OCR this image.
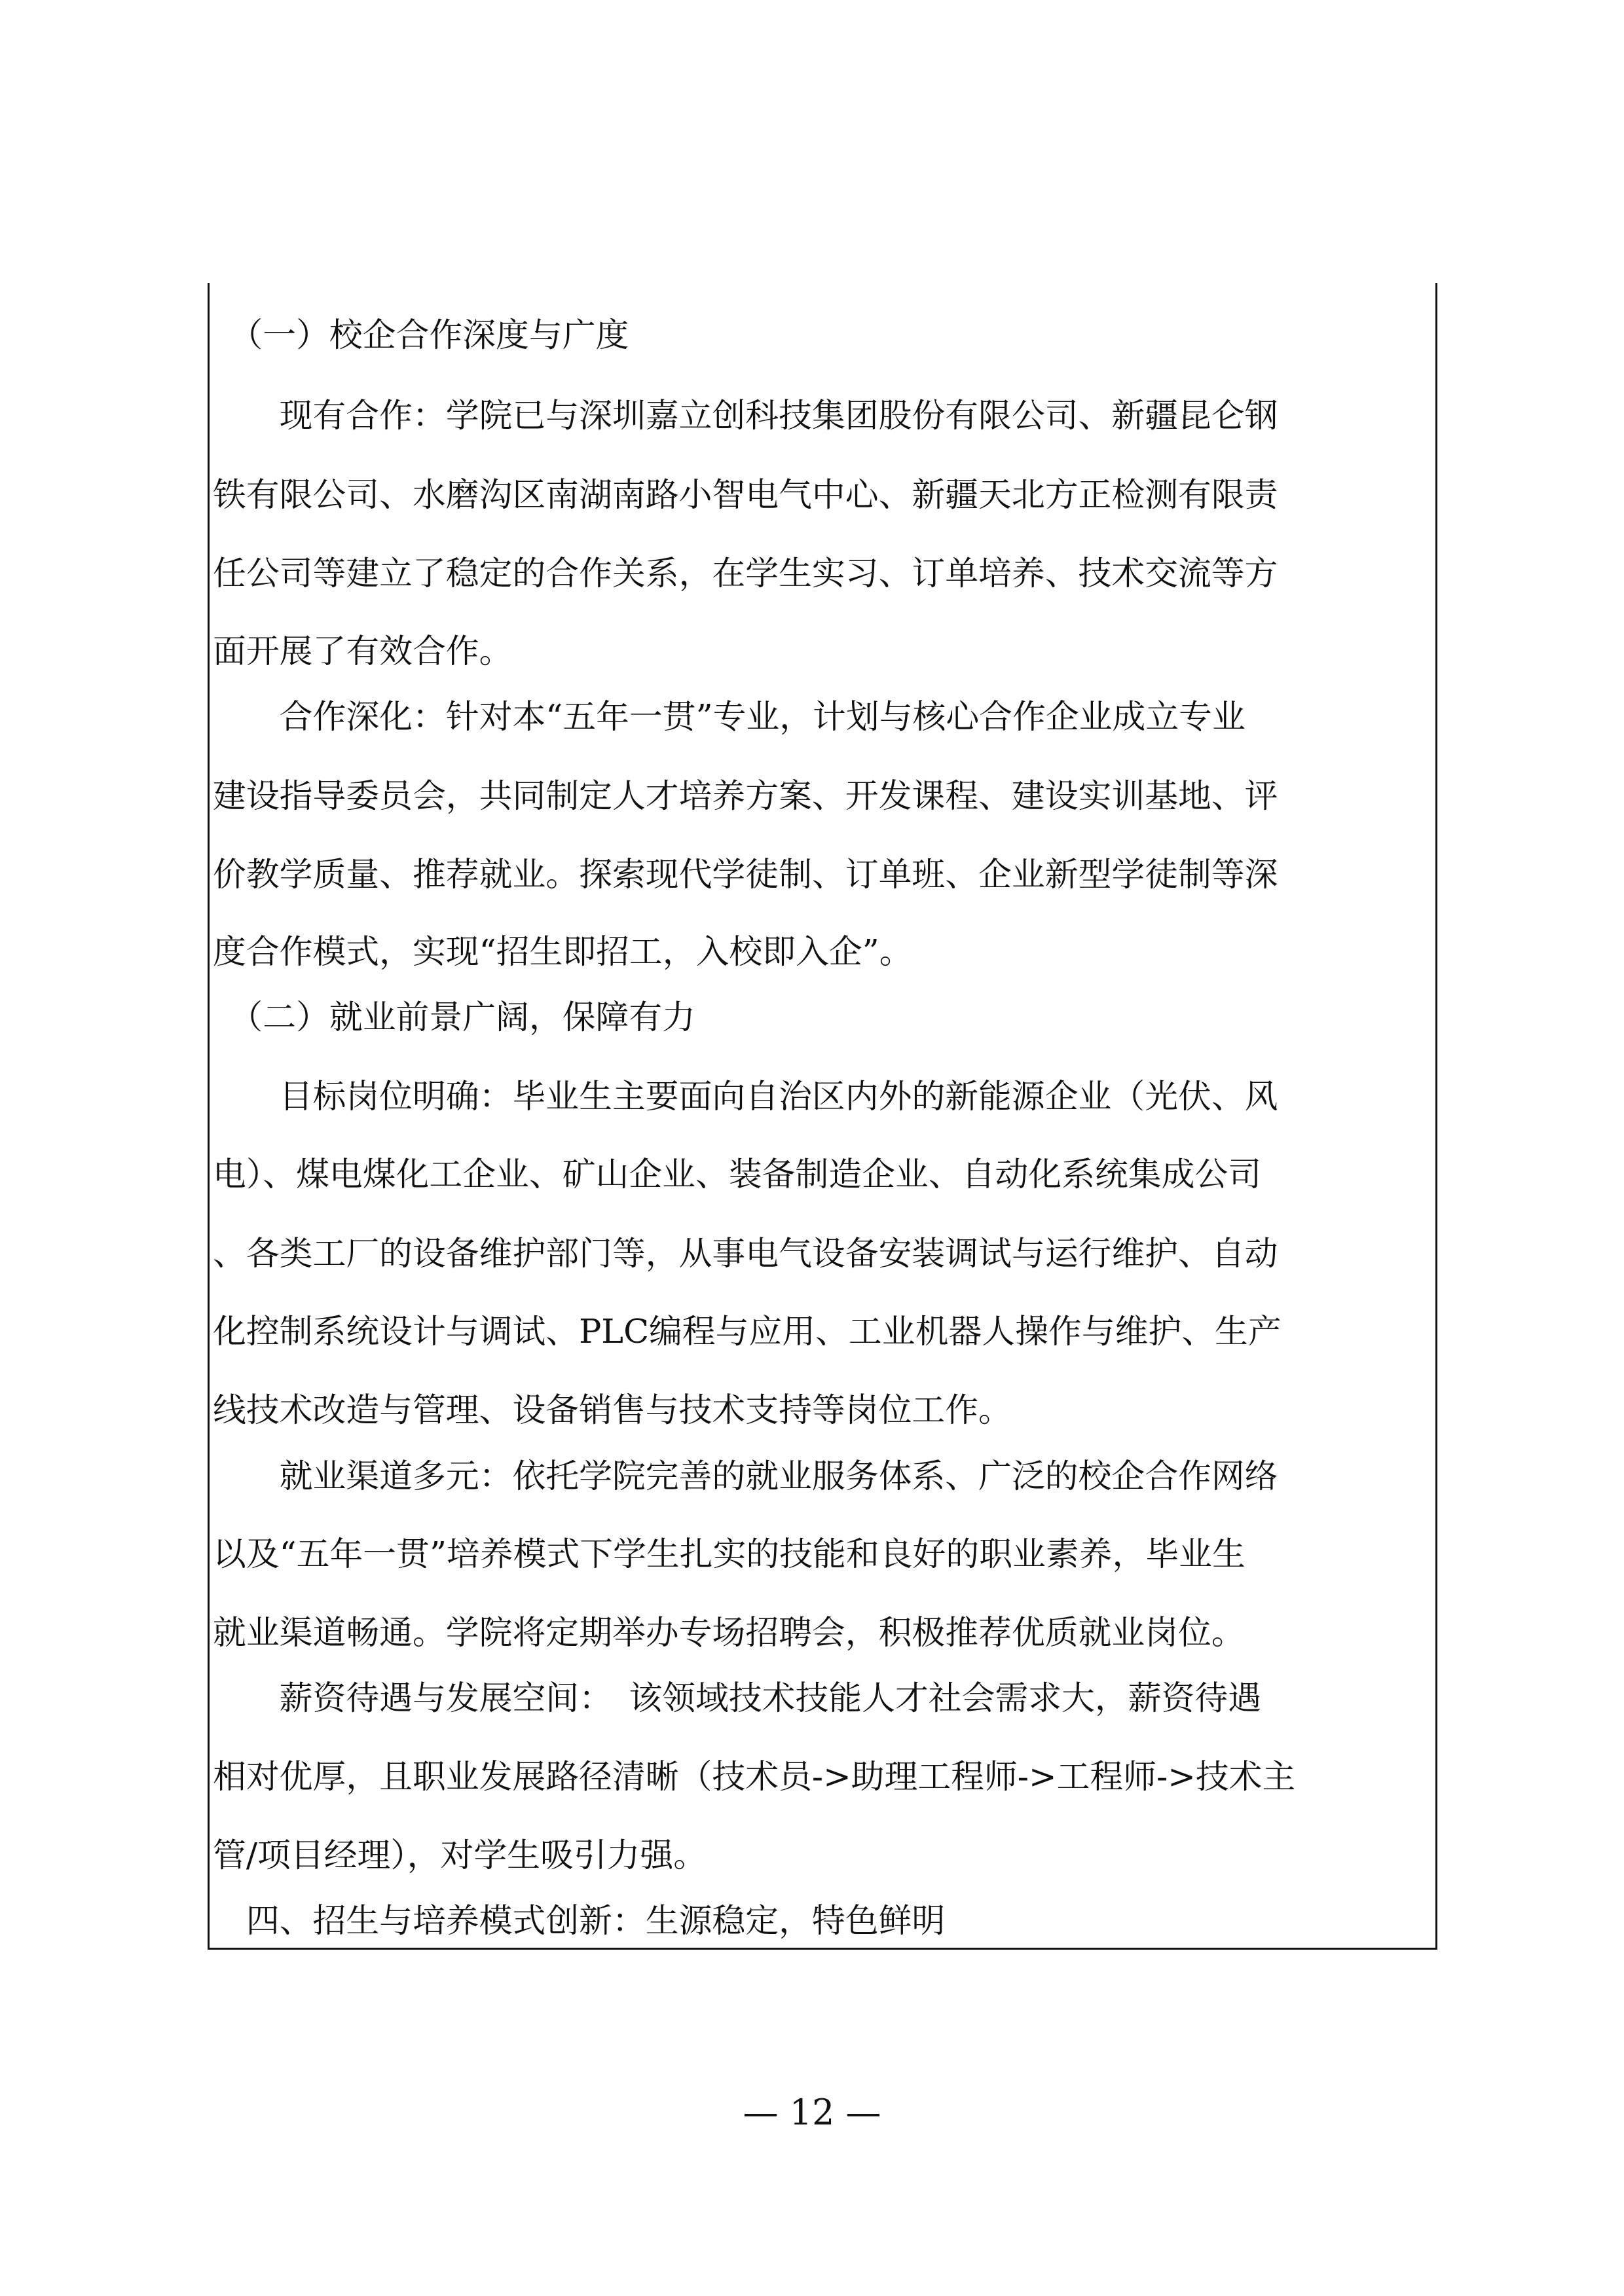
　（一）校企合作深度与广度

　　现有合作：学院已与深圳嘉立创科技集团股份有限公司、新疆昆仑钢

铁有限公司、水磨沟区南湖南路小智电气中心、新疆天北方正检测有限责

任公司等建立了稳定的合作关系，在学生实习、订单培养、技术交流等方

面开展了有效合作。

　　合作深化：针对本“五年一贯”专业，计划与核心合作企业成立专业

建设指导委员会，共同制定人才培养方案、开发课程、建设实训基地、评

价教学质量、推荐就业。探索现代学徒制、订单班、企业新型学徒制等深

度合作模式，实现“招生即招工，入校即入企”。

　（二）就业前景广阔，保障有力

　　目标岗位明确：毕业生主要面向自治区内外的新能源企业（光伏、风

电）、煤电煤化工企业、矿山企业、装备制造企业、自动化系统集成公司

、各类工厂的设备维护部门等，从事电气设备安装调试与运行维护、自动

化控制系统设计与调试、PLC编程与应用、工业机器人操作与维护、生产

线技术改造与管理、设备销售与技术支持等岗位工作。

　　就业渠道多元：依托学院完善的就业服务体系、广泛的校企合作网络

以及“五年一贯”培养模式下学生扎实的技能和良好的职业素养，毕业生

就业渠道畅通。学院将定期举办专场招聘会，积极推荐优质就业岗位。

　　薪资待遇与发展空间：　该领域技术技能人才社会需求大，薪资待遇

相对优厚，且职业发展路径清晰（技术员->助理工程师->工程师->技术主

管/项目经理），对学生吸引力强。

　四、招生与培养模式创新：生源稳定，特色鲜明

— 12 —
